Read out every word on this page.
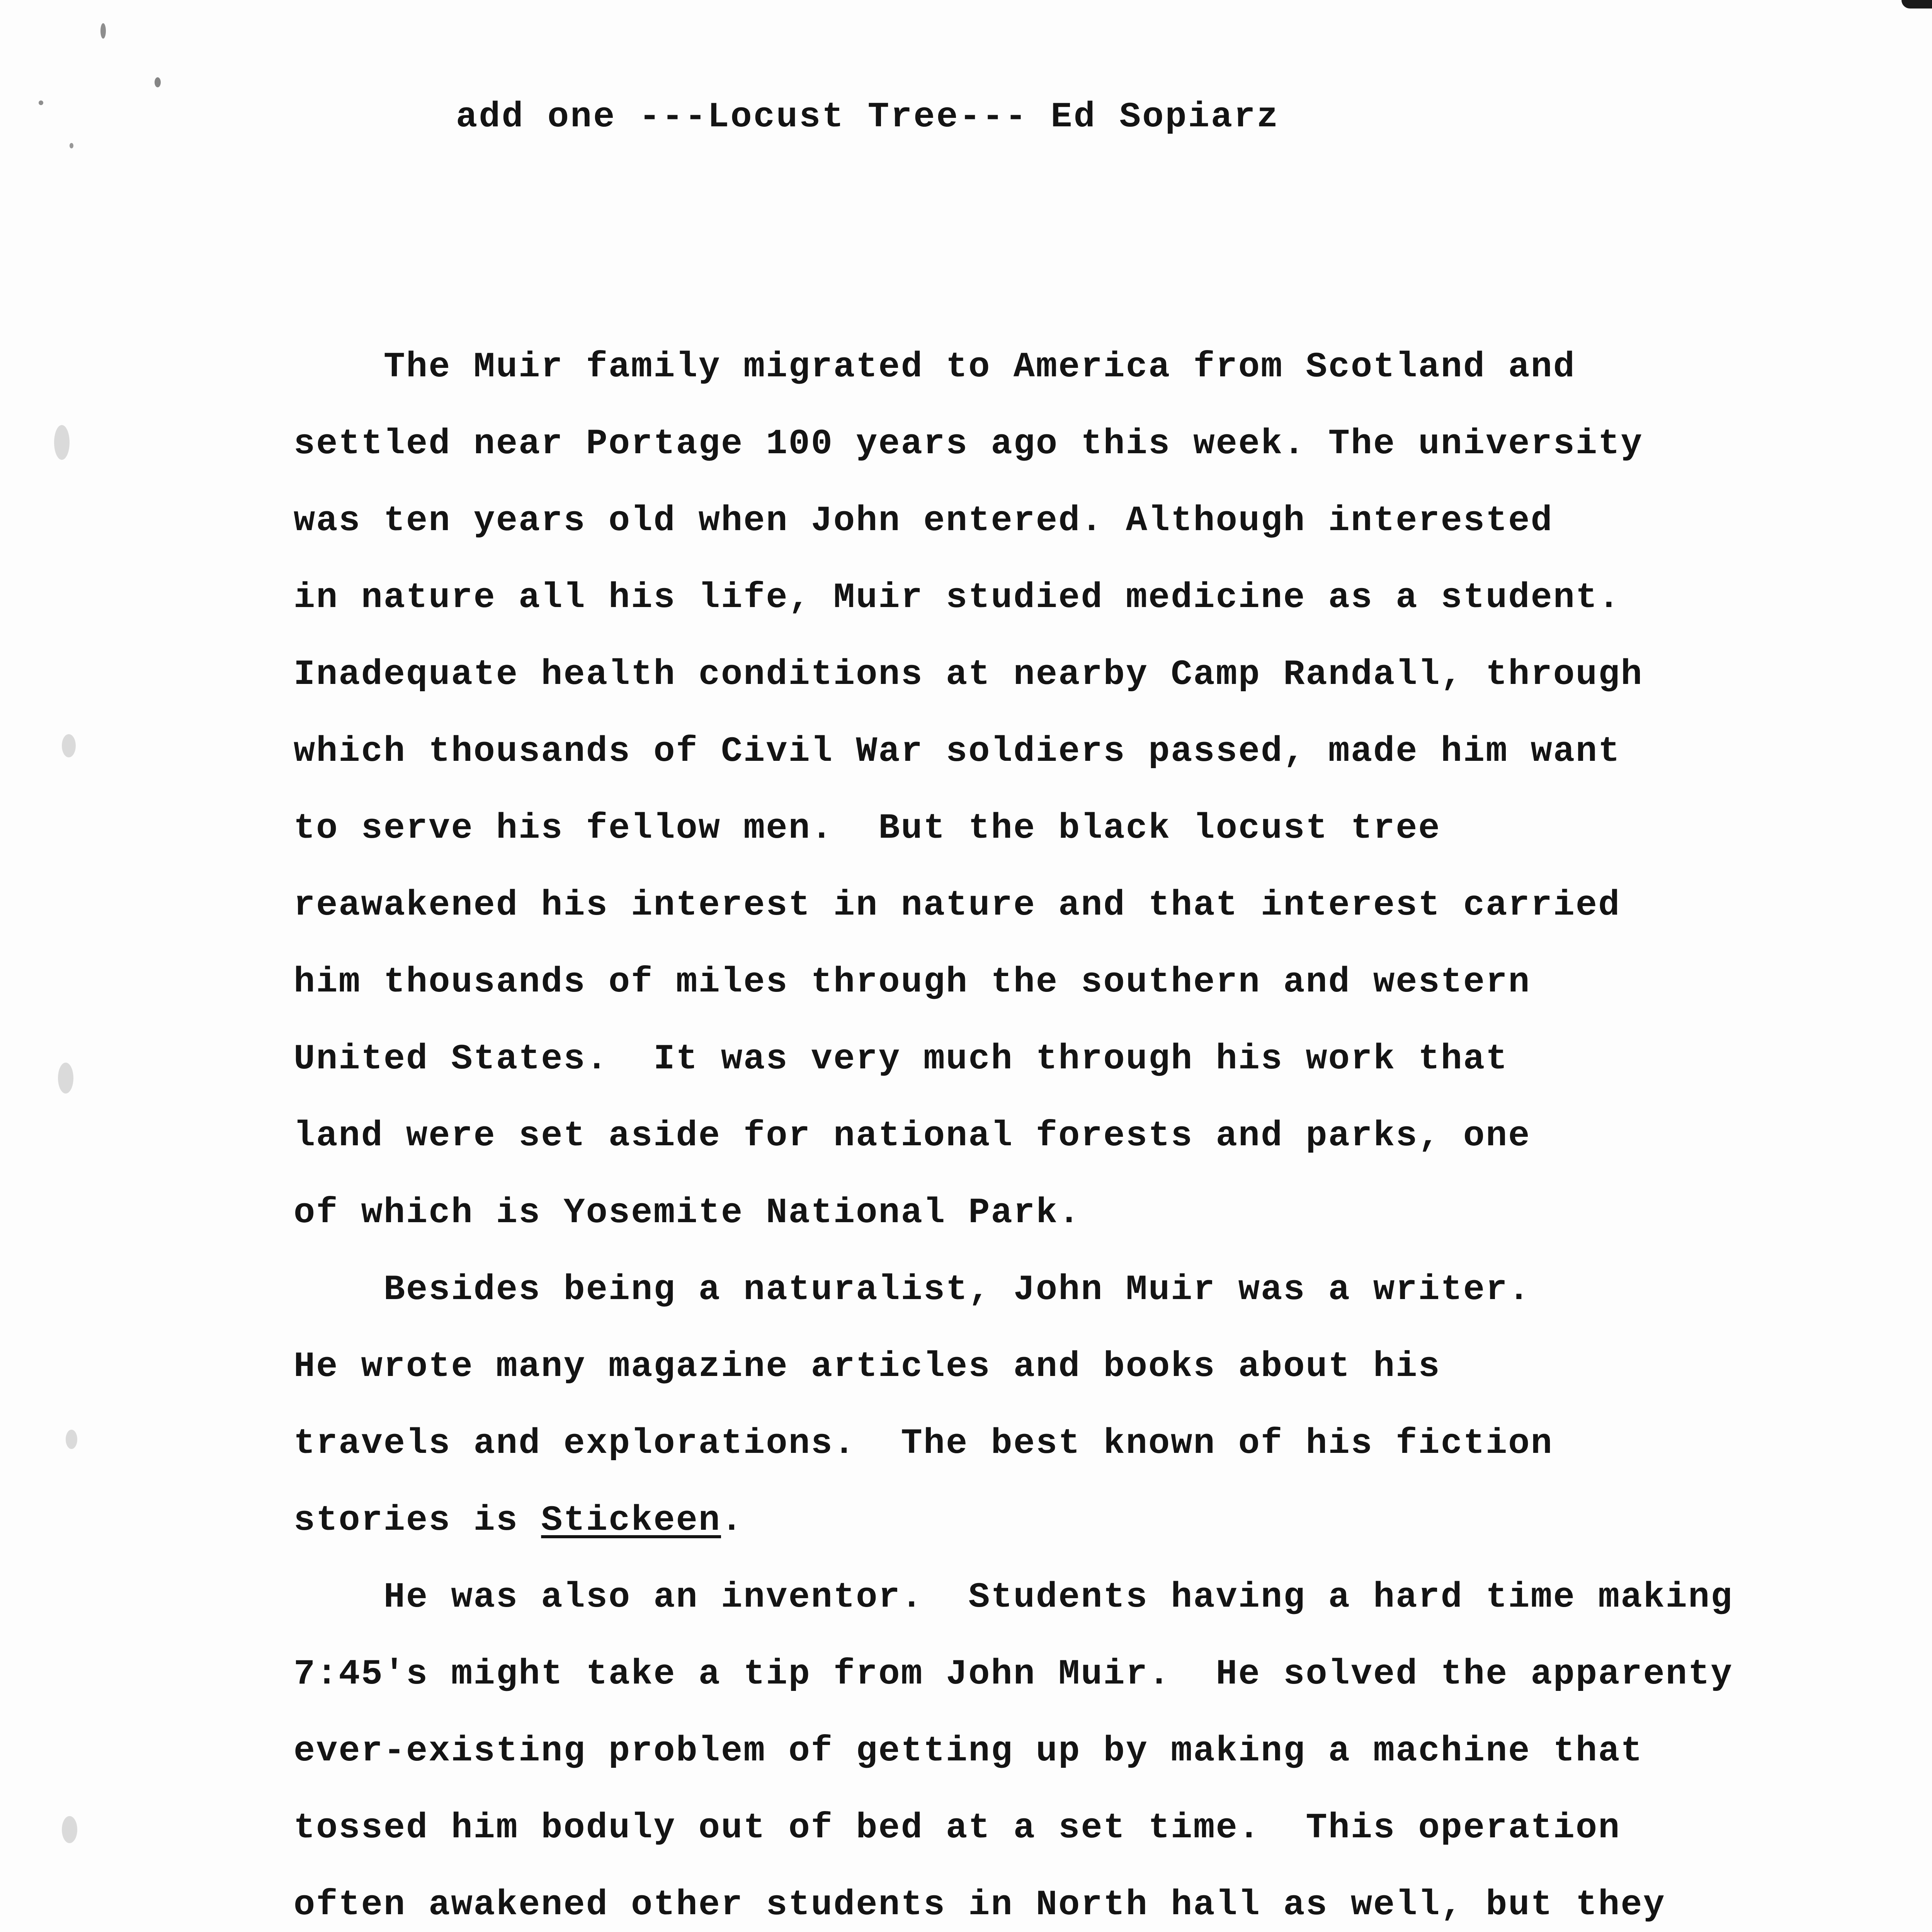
add one ---Locust Tree--- Ed Sopiarz
The Muir family migrated to America from Scotland and
settled near Portage 100 years ago this week. The university
was ten years old when John entered. Although interested
in nature all his life, Muir studied medicine as a student.
Inadequate health conditions at nearby Camp Randall, through
which thousands of Civil War soldiers passed, made him want
to serve his fellow men.  But the black locust tree
reawakened his interest in nature and that interest carried
him thousands of miles through the southern and western
United States.  It was very much through his work that
land were set aside for national forests and parks, one
of which is Yosemite National Park.
Besides being a naturalist, John Muir was a writer.
He wrote many magazine articles and books about his
travels and explorations.  The best known of his fiction
stories is Stickeen.
He was also an inventor.  Students having a hard time making
7:45's might take a tip from John Muir.  He solved the apparenty
ever-existing problem of getting up by making a machine that
tossed him boduly out of bed at a set time.  This operation
often awakened other students in North hall as well, but they
